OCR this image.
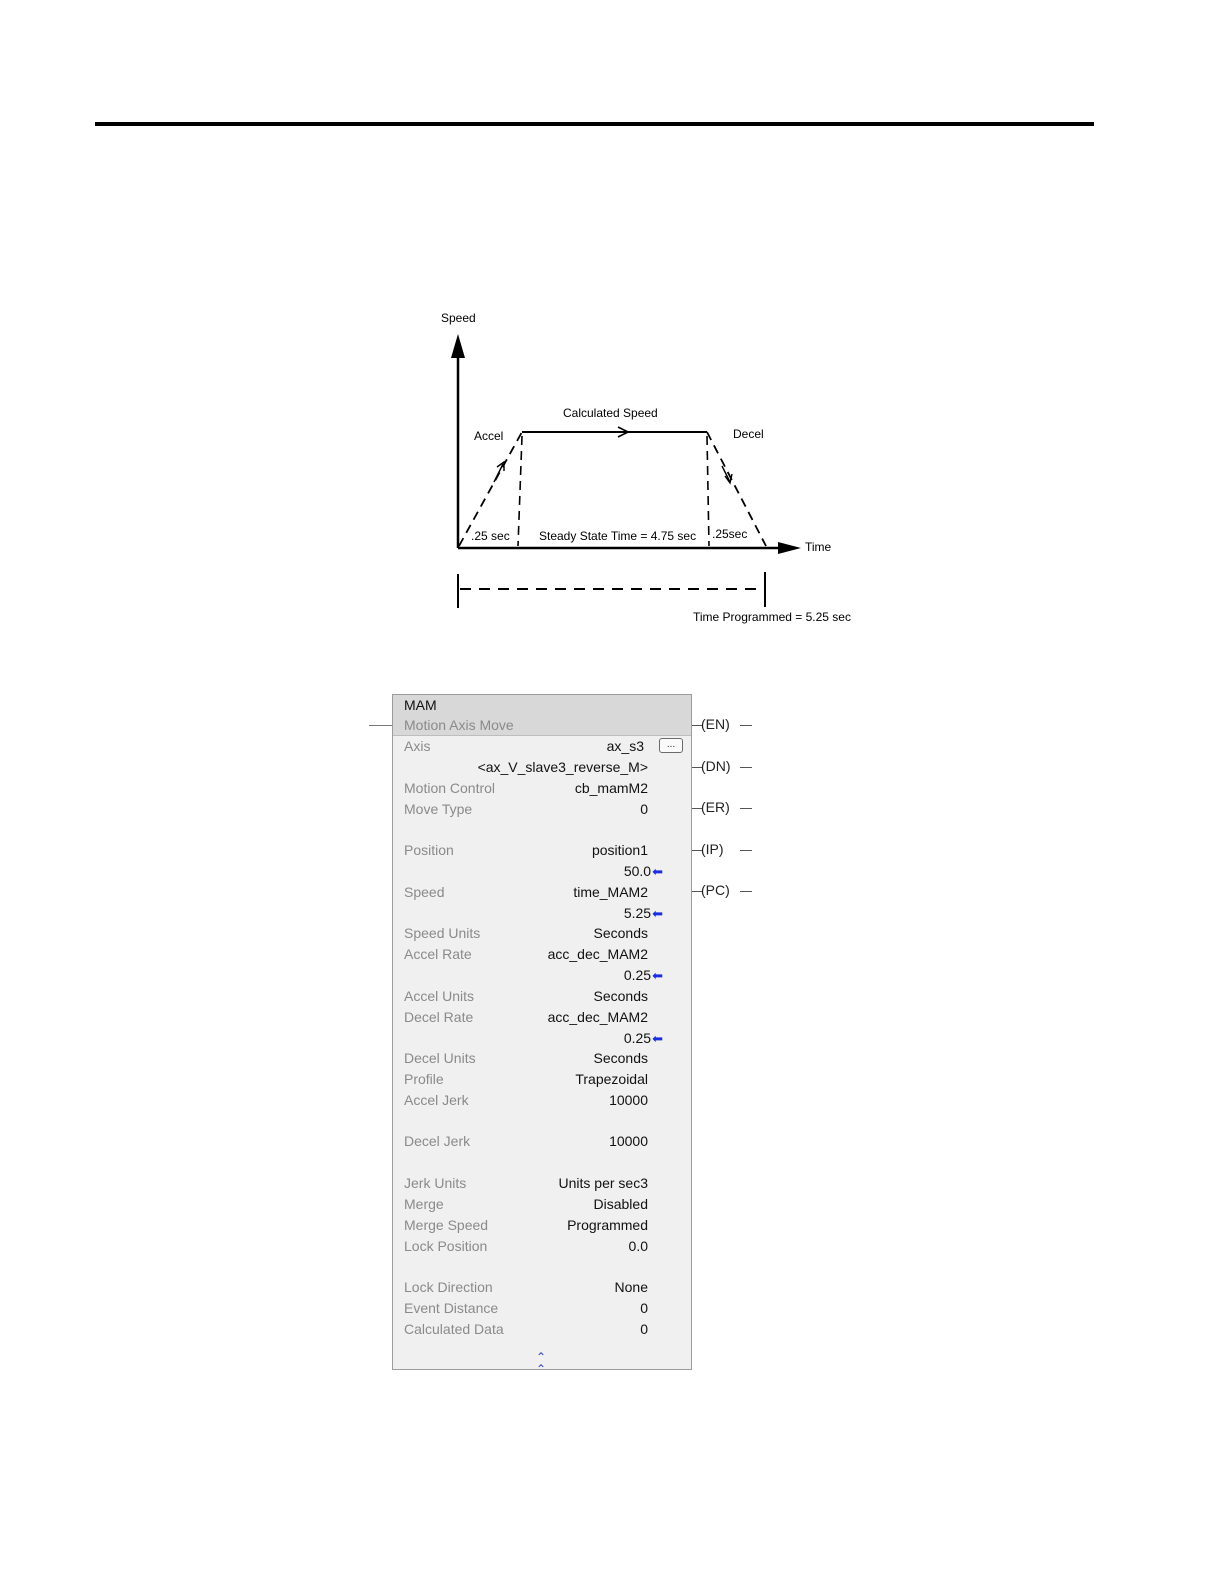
Speed
Time
Calculated Speed
Accel	Decel
.25 sec Steady State Time = 4.75 sec .25sec
Time Programmed = 5.25 sec
MAM
Motion Axis Move
Axis	ax_s3	...
<ax_V_slave3_reverse_M>
Motion Control	cb_mamM2
Move Type	0
Position	position1
50.0⬅
Speed	time_MAM2
5.25⬅
Speed Units	Seconds
Accel Rate	acc_dec_MAM2
0.25⬅
Accel Units	Seconds
Decel Rate	acc_dec_MAM2
0.25⬅
Decel Units	Seconds
Profile	Trapezoidal
Accel Jerk	10000
Decel Jerk	10000
Jerk Units	Units per sec3
Merge	Disabled
Merge Speed	Programmed
Lock Position	0.0
Lock Direction	None
Event Distance	0
Calculated Data	0
⌃
⌃
(EN)
(DN)
(ER)
(IP)
(PC)
